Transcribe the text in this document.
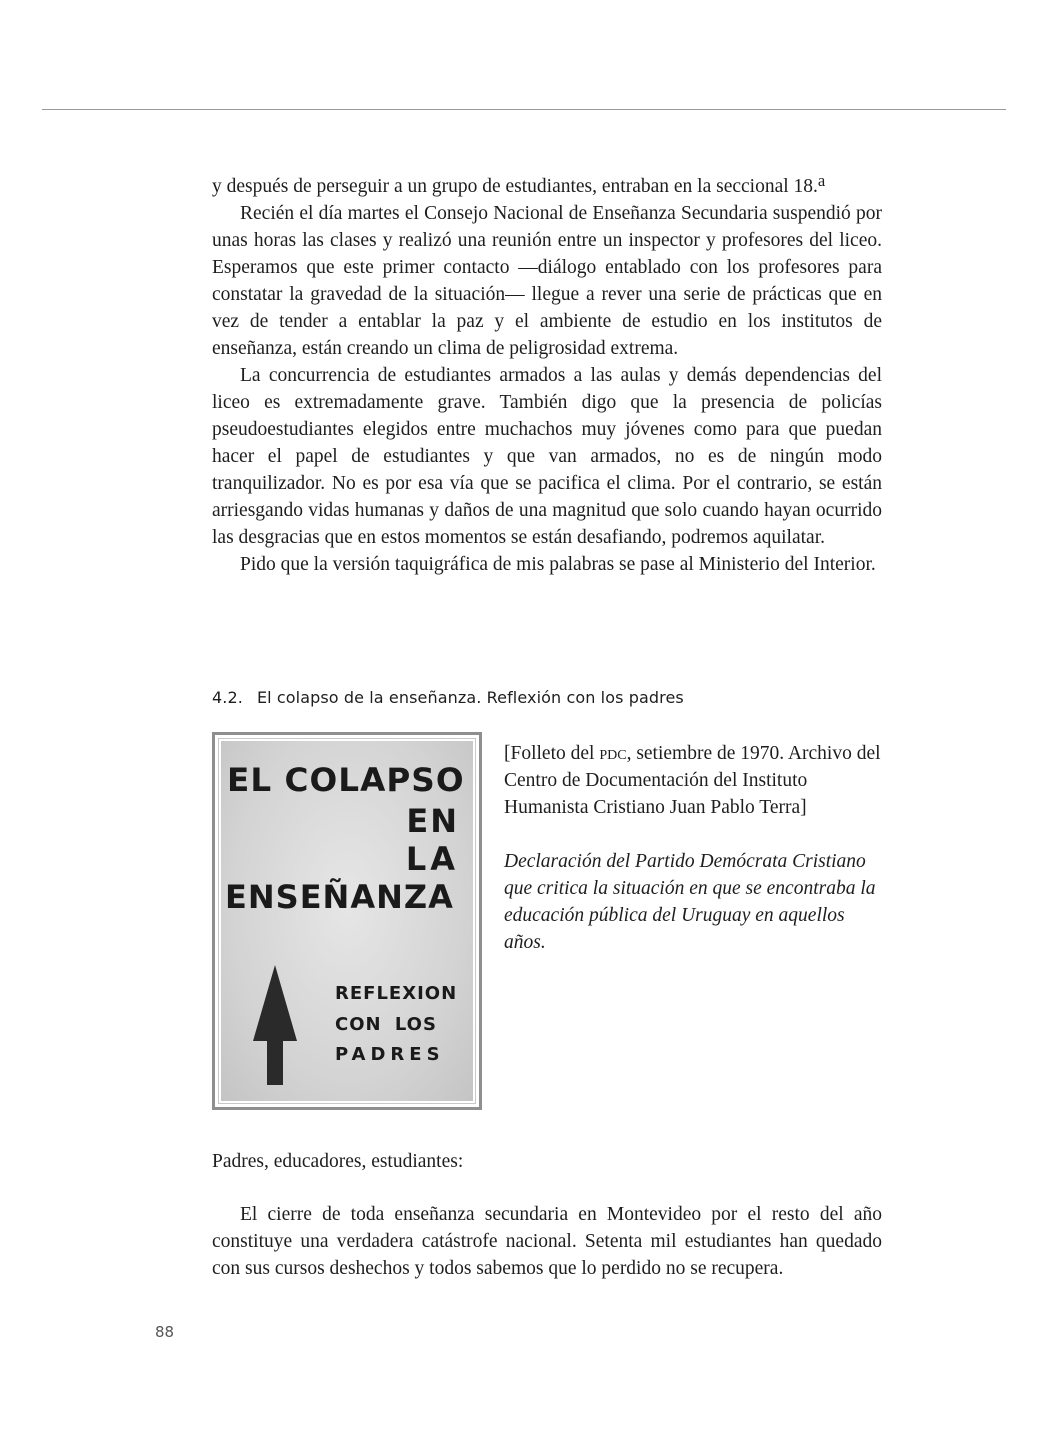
y después de perseguir a un grupo de estudiantes, entraban en la seccional 18.$^a$

Recién el día martes el Consejo Nacional de Enseñanza Secundaria suspendió por unas horas las clases y realizó una reunión entre un inspector y profesores del liceo. Esperamos que este primer contacto —diálogo entablado con los profesores para constatar la gravedad de la situación— llegue a rever una serie de prácticas que en vez de tender a entablar la paz y el ambiente de estudio en los institutos de enseñanza, están creando un clima de peligrosidad extrema.

La concurrencia de estudiantes armados a las aulas y demás dependencias del liceo es extremadamente grave. También digo que la presencia de policías pseudoestudiantes elegidos entre muchachos muy jóvenes como para que puedan hacer el papel de estudiantes y que van armados, no es de ningún modo tranquilizador. No es por esa vía que se pacifica el clima. Por el contrario, se están arriesgando vidas humanas y daños de una magnitud que solo cuando hayan ocurrido las desgracias que en estos momentos se están desafiando, podremos aquilatar.

Pido que la versión taquigráfica de mis palabras se pase al Ministerio del Interior.

4.2. El colapso de la enseñanza. Reflexión con los padres
EL COLAPSO
EN
LA
ENSEÑANZA
REFLEXION
CON LOS
PADRES

[Folleto del pdc, setiembre de 1970. Archivo del Centro de Documentación del Instituto Humanista Cristiano Juan Pablo Terra]

Declaración del Partido Demócrata Cristiano que critica la situación en que se encontraba la educación pública del Uruguay en aquellos años.

Padres, educadores, estudiantes:

El cierre de toda enseñanza secundaria en Montevideo por el resto del año constituye una verdadera catástrofe nacional. Setenta mil estudiantes han quedado con sus cursos deshechos y todos sabemos que lo perdido no se recupera.

88
